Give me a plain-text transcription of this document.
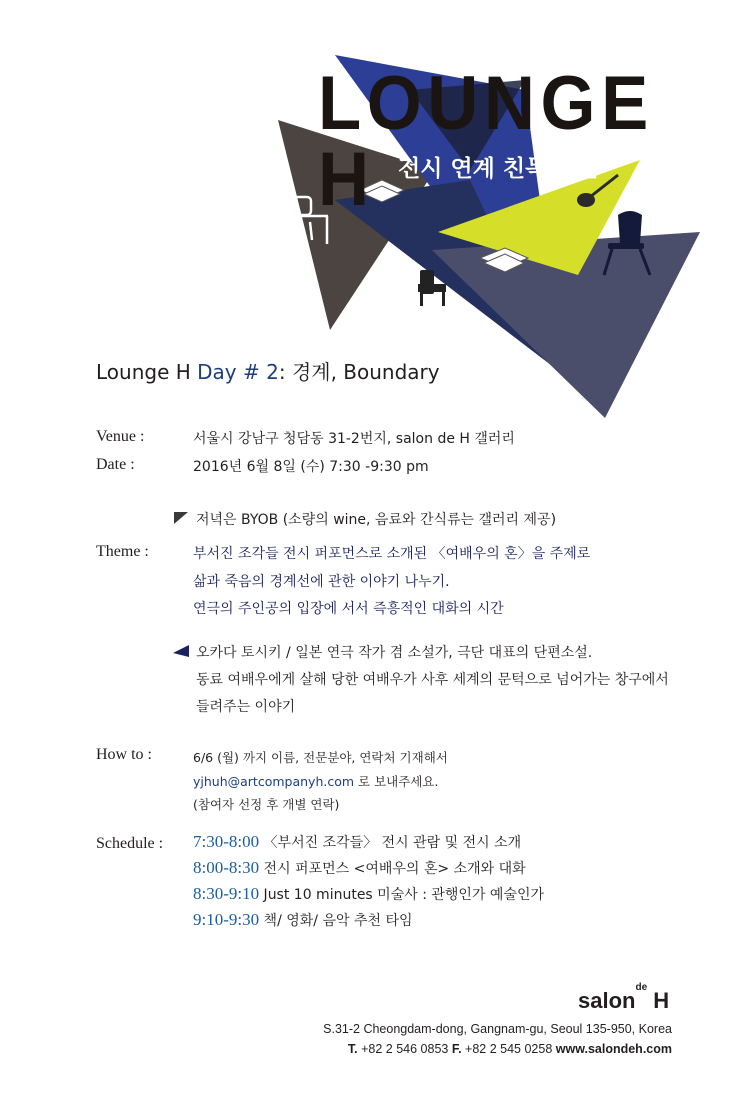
LOUNGE H	전시 연계 친목 모임
Lounge H Day # 2: 경계, Boundary
Venue :	서울시 강남구 청담동 31-2번지, salon de H 갤러리
Date :	2016년 6월 8일 (수) 7:30 -9:30 pm
저녁은 BYOB (소량의 wine, 음료와 간식류는 갤러리 제공)
Theme :	부서진 조각들 전시 퍼포먼스로 소개된 〈여배우의 혼〉을 주제로
삶과 죽음의 경계선에 관한 이야기 나누기.
연극의 주인공의 입장에 서서 즉흥적인 대화의 시간
오카다 토시키 / 일본 연극 작가 겸 소설가, 극단 대표의 단편소설.
동료 여배우에게 살해 당한 여배우가 사후 세계의 문턱으로 넘어가는 창구에서
들려주는 이야기
How to :	6/6 (월) 까지 이름, 전문분야, 연락처 기재해서
yjhuh@artcompanyh.com 로 보내주세요.
(참여자 선정 후 개별 연락)
Schedule : 7:30-8:00 〈부서진 조각들〉 전시 관람 및 전시 소개
8:00-8:30 전시 퍼포먼스 <여배우의 혼> 소개와 대화
8:30-9:10 Just 10 minutes 미술사 : 관행인가 예술인가
9:10-9:30 책/ 영화/ 음악 추천 타임
salon$^{de}$ H
S.31-2 Cheongdam-dong, Gangnam-gu, Seoul 135-950, Korea
T. +82 2 546 0853 F. +82 2 545 0258 www.salondeh.com
